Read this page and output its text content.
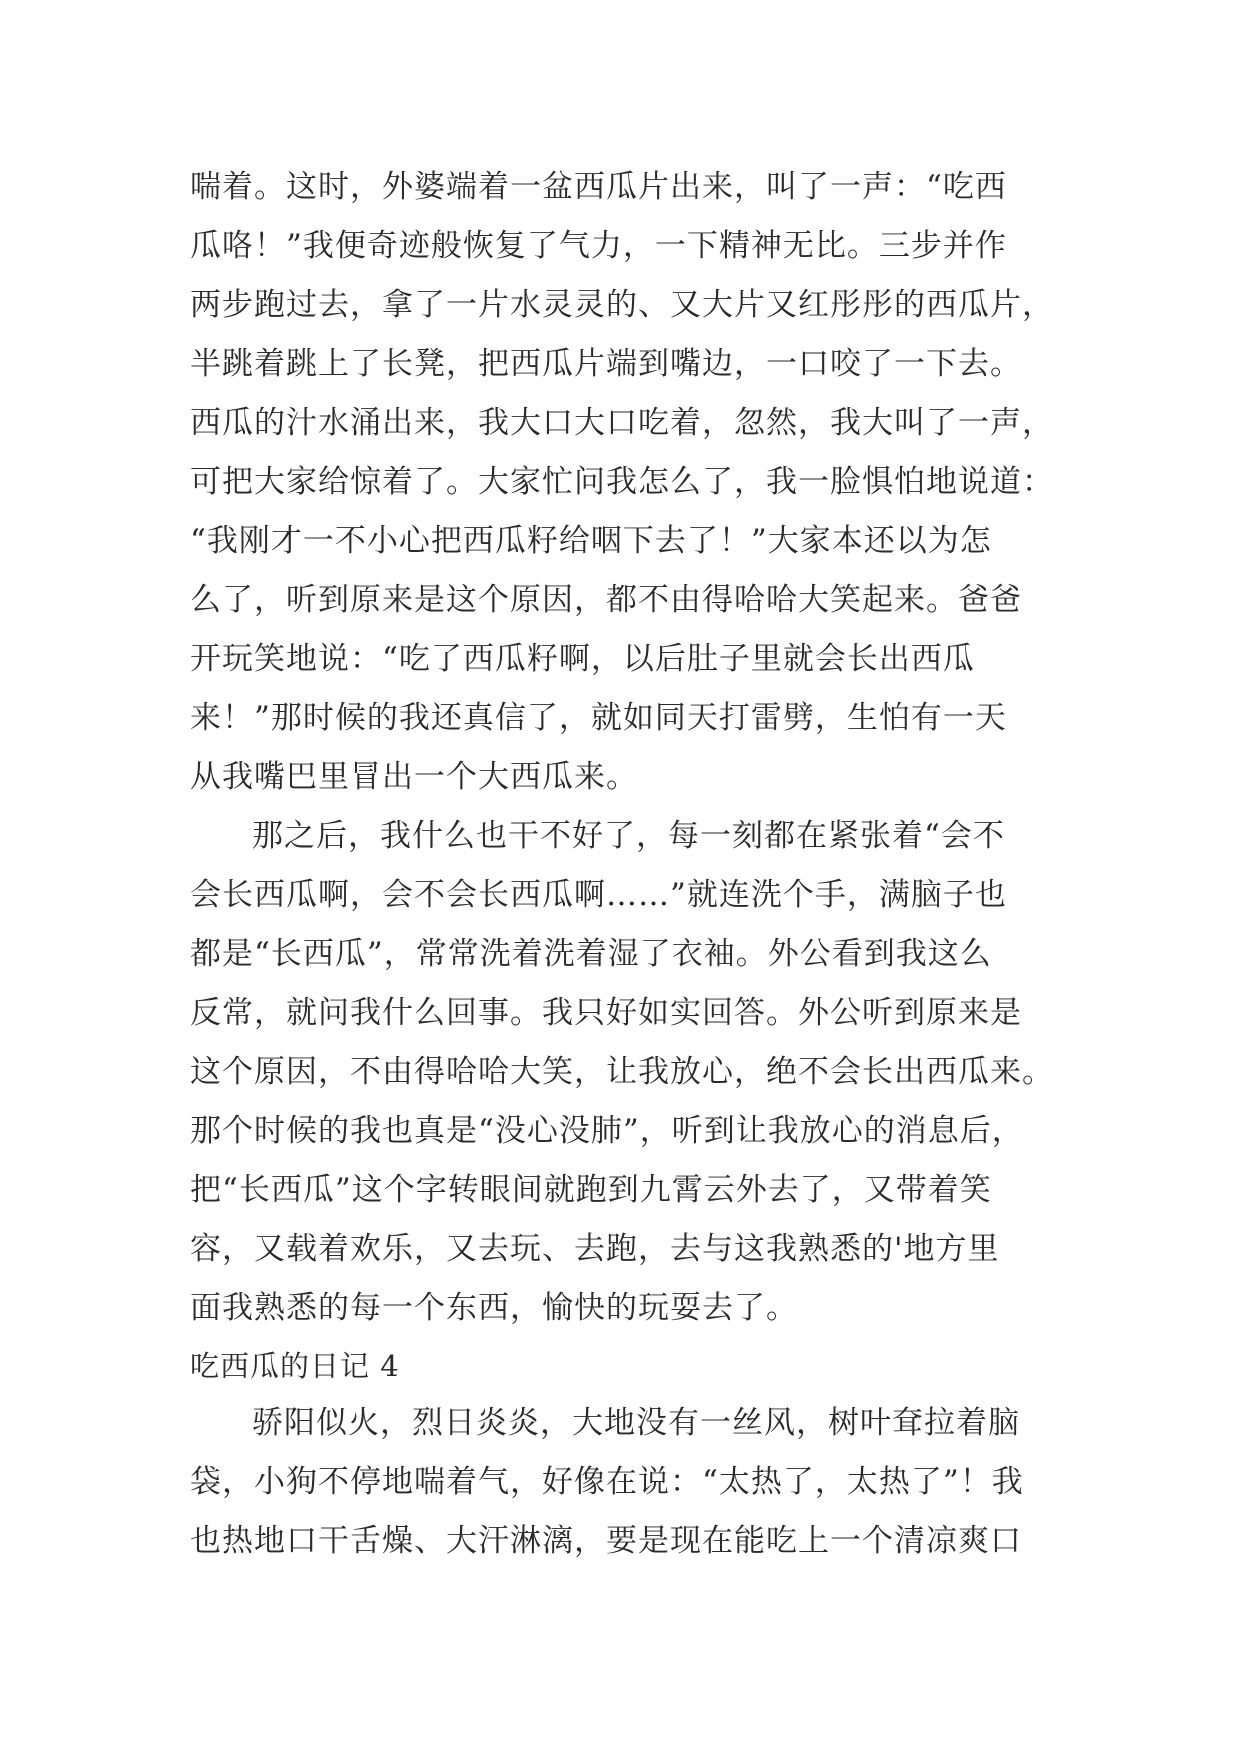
喘着。这时，外婆端着一盆西瓜片出来，叫了一声：“吃西
瓜咯！”我便奇迹般恢复了气力，一下精神无比。三步并作
两步跑过去，拿了一片水灵灵的、又大片又红彤彤的西瓜片，
半跳着跳上了长凳，把西瓜片端到嘴边，一口咬了一下去。
西瓜的汁水涌出来，我大口大口吃着，忽然，我大叫了一声，
可把大家给惊着了。大家忙问我怎么了，我一脸惧怕地说道：
“我刚才一不小心把西瓜籽给咽下去了！”大家本还以为怎
么了，听到原来是这个原因，都不由得哈哈大笑起来。爸爸
开玩笑地说：“吃了西瓜籽啊，以后肚子里就会长出西瓜
来！”那时候的我还真信了，就如同天打雷劈，生怕有一天
从我嘴巴里冒出一个大西瓜来。
那之后，我什么也干不好了，每一刻都在紧张着“会不
会长西瓜啊，会不会长西瓜啊……”就连洗个手，满脑子也
都是“长西瓜”，常常洗着洗着湿了衣袖。外公看到我这么
反常，就问我什么回事。我只好如实回答。外公听到原来是
这个原因，不由得哈哈大笑，让我放心，绝不会长出西瓜来。
那个时候的我也真是“没心没肺”，听到让我放心的消息后，
把“长西瓜”这个字转眼间就跑到九霄云外去了，又带着笑
容，又载着欢乐，又去玩、去跑，去与这我熟悉的'地方里
面我熟悉的每一个东西，愉快的玩耍去了。
吃西瓜的日记 4
骄阳似火，烈日炎炎，大地没有一丝风，树叶耷拉着脑
袋，小狗不停地喘着气，好像在说：“太热了，太热了”！我
也热地口干舌燥、大汗淋漓，要是现在能吃上一个清凉爽口
